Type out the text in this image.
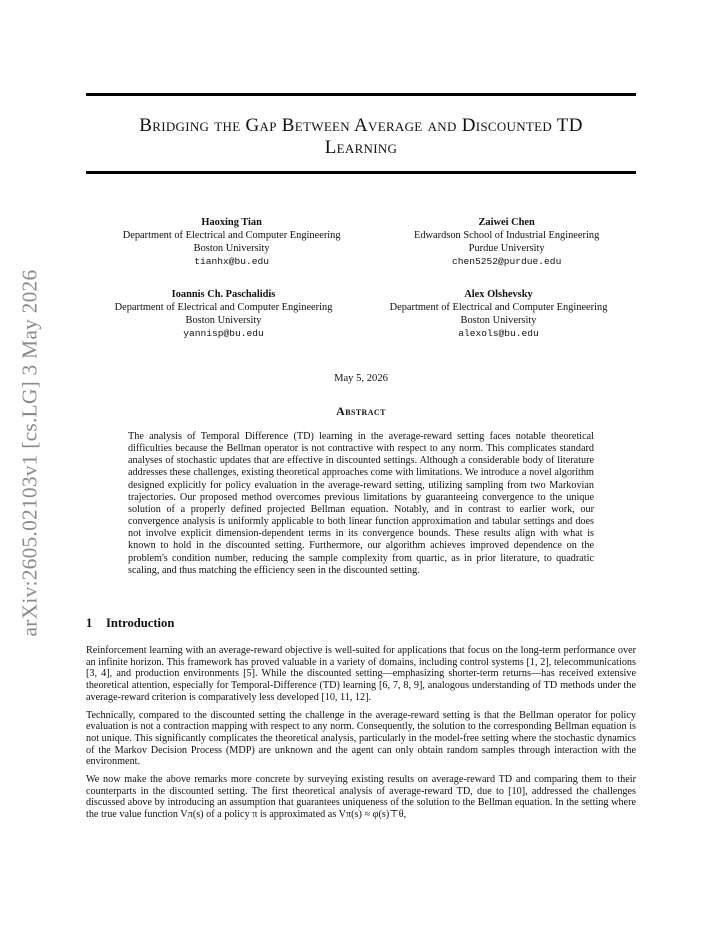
arXiv:2605.02103v1 [cs.LG] 3 May 2026
Bridging the Gap Between Average and Discounted TD
Learning
Haoxing Tian
Department of Electrical and Computer Engineering
Boston University
tianhx@bu.edu
Zaiwei Chen
Edwardson School of Industrial Engineering
Purdue University
chen5252@purdue.edu
Ioannis Ch. Paschalidis
Department of Electrical and Computer Engineering
Boston University
yannisp@bu.edu
Alex Olshevsky
Department of Electrical and Computer Engineering
Boston University
alexols@bu.edu
May 5, 2026
Abstract
The analysis of Temporal Difference (TD) learning in the average-reward setting faces notable theoretical difficulties because the Bellman operator is not contractive with respect to any norm. This complicates standard analyses of stochastic updates that are effective in discounted settings. Although a considerable body of literature addresses these challenges, existing theoretical approaches come with limitations. We introduce a novel algorithm designed explicitly for policy evaluation in the average-reward setting, utilizing sampling from two Markovian trajectories. Our proposed method overcomes previous limitations by guaranteeing convergence to the unique solution of a properly defined projected Bellman equation. Notably, and in contrast to earlier work, our convergence analysis is uniformly applicable to both linear function approximation and tabular settings and does not involve explicit dimension-dependent terms in its convergence bounds. These results align with what is known to hold in the discounted setting. Furthermore, our algorithm achieves improved dependence on the problem's condition number, reducing the sample complexity from quartic, as in prior literature, to quadratic scaling, and thus matching the efficiency seen in the discounted setting.
1 Introduction

Reinforcement learning with an average-reward objective is well-suited for applications that focus on the long-term performance over an infinite horizon. This framework has proved valuable in a variety of domains, including control systems [1, 2], telecommunications [3, 4], and production environments [5]. While the discounted setting—emphasizing shorter-term returns—has received extensive theoretical attention, especially for Temporal-Difference (TD) learning [6, 7, 8, 9], analogous understanding of TD methods under the average-reward criterion is comparatively less developed [10, 11, 12].

Technically, compared to the discounted setting the challenge in the average-reward setting is that the Bellman operator for policy evaluation is not a contraction mapping with respect to any norm. Consequently, the solution to the corresponding Bellman equation is not unique. This significantly complicates the theoretical analysis, particularly in the model-free setting where the stochastic dynamics of the Markov Decision Process (MDP) are unknown and the agent can only obtain random samples through interaction with the environment.

We now make the above remarks more concrete by surveying existing results on average-reward TD and comparing them to their counterparts in the discounted setting. The first theoretical analysis of average-reward TD, due to [10], addressed the challenges discussed above by introducing an assumption that guarantees uniqueness of the solution to the Bellman equation. In the setting where the true value function Vπ(s) of a policy π is approximated as Vπ(s) ≈ φ(s)⊤θ,
